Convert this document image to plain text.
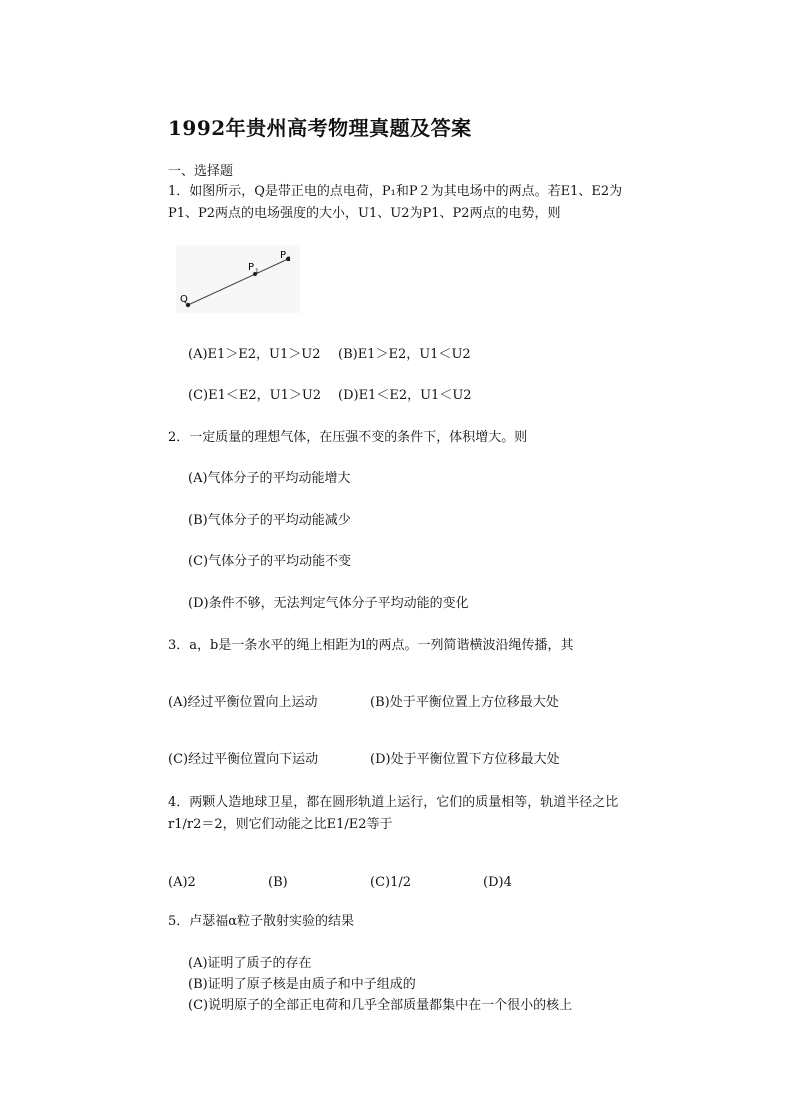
1992年贵州高考物理真题及答案
一、选择题
1．如图所示，Q是带正电的点电荷，P₁和P２为其电场中的两点。若E1、E2为
P1、P2两点的电场强度的大小，U1、U2为P1、P2两点的电势，则
Q
P 1
P 2
(A)E1＞E2，U1＞U2 (B)E1＞E2，U1＜U2
(C)E1＜E2，U1＞U2 (D)E1＜E2，U1＜U2
2．一定质量的理想气体，在压强不变的条件下，体积增大。则
(A)气体分子的平均动能增大
(B)气体分子的平均动能减少
(C)气体分子的平均动能不变
(D)条件不够，无法判定气体分子平均动能的变化
3．a，b是一条水平的绳上相距为l的两点。一列简谐横波沿绳传播，其
(A)经过平衡位置向上运动	(B)处于平衡位置上方位移最大处
(C)经过平衡位置向下运动	(D)处于平衡位置下方位移最大处
4．两颗人造地球卫星，都在圆形轨道上运行，它们的质量相等，轨道半径之比
r1/r2＝2，则它们动能之比E1/E2等于
(A)2	(B)	(C)1/2	(D)4
5．卢瑟福α粒子散射实验的结果
(A)证明了质子的存在
(B)证明了原子核是由质子和中子组成的
(C)说明原子的全部正电荷和几乎全部质量都集中在一个很小的核上
